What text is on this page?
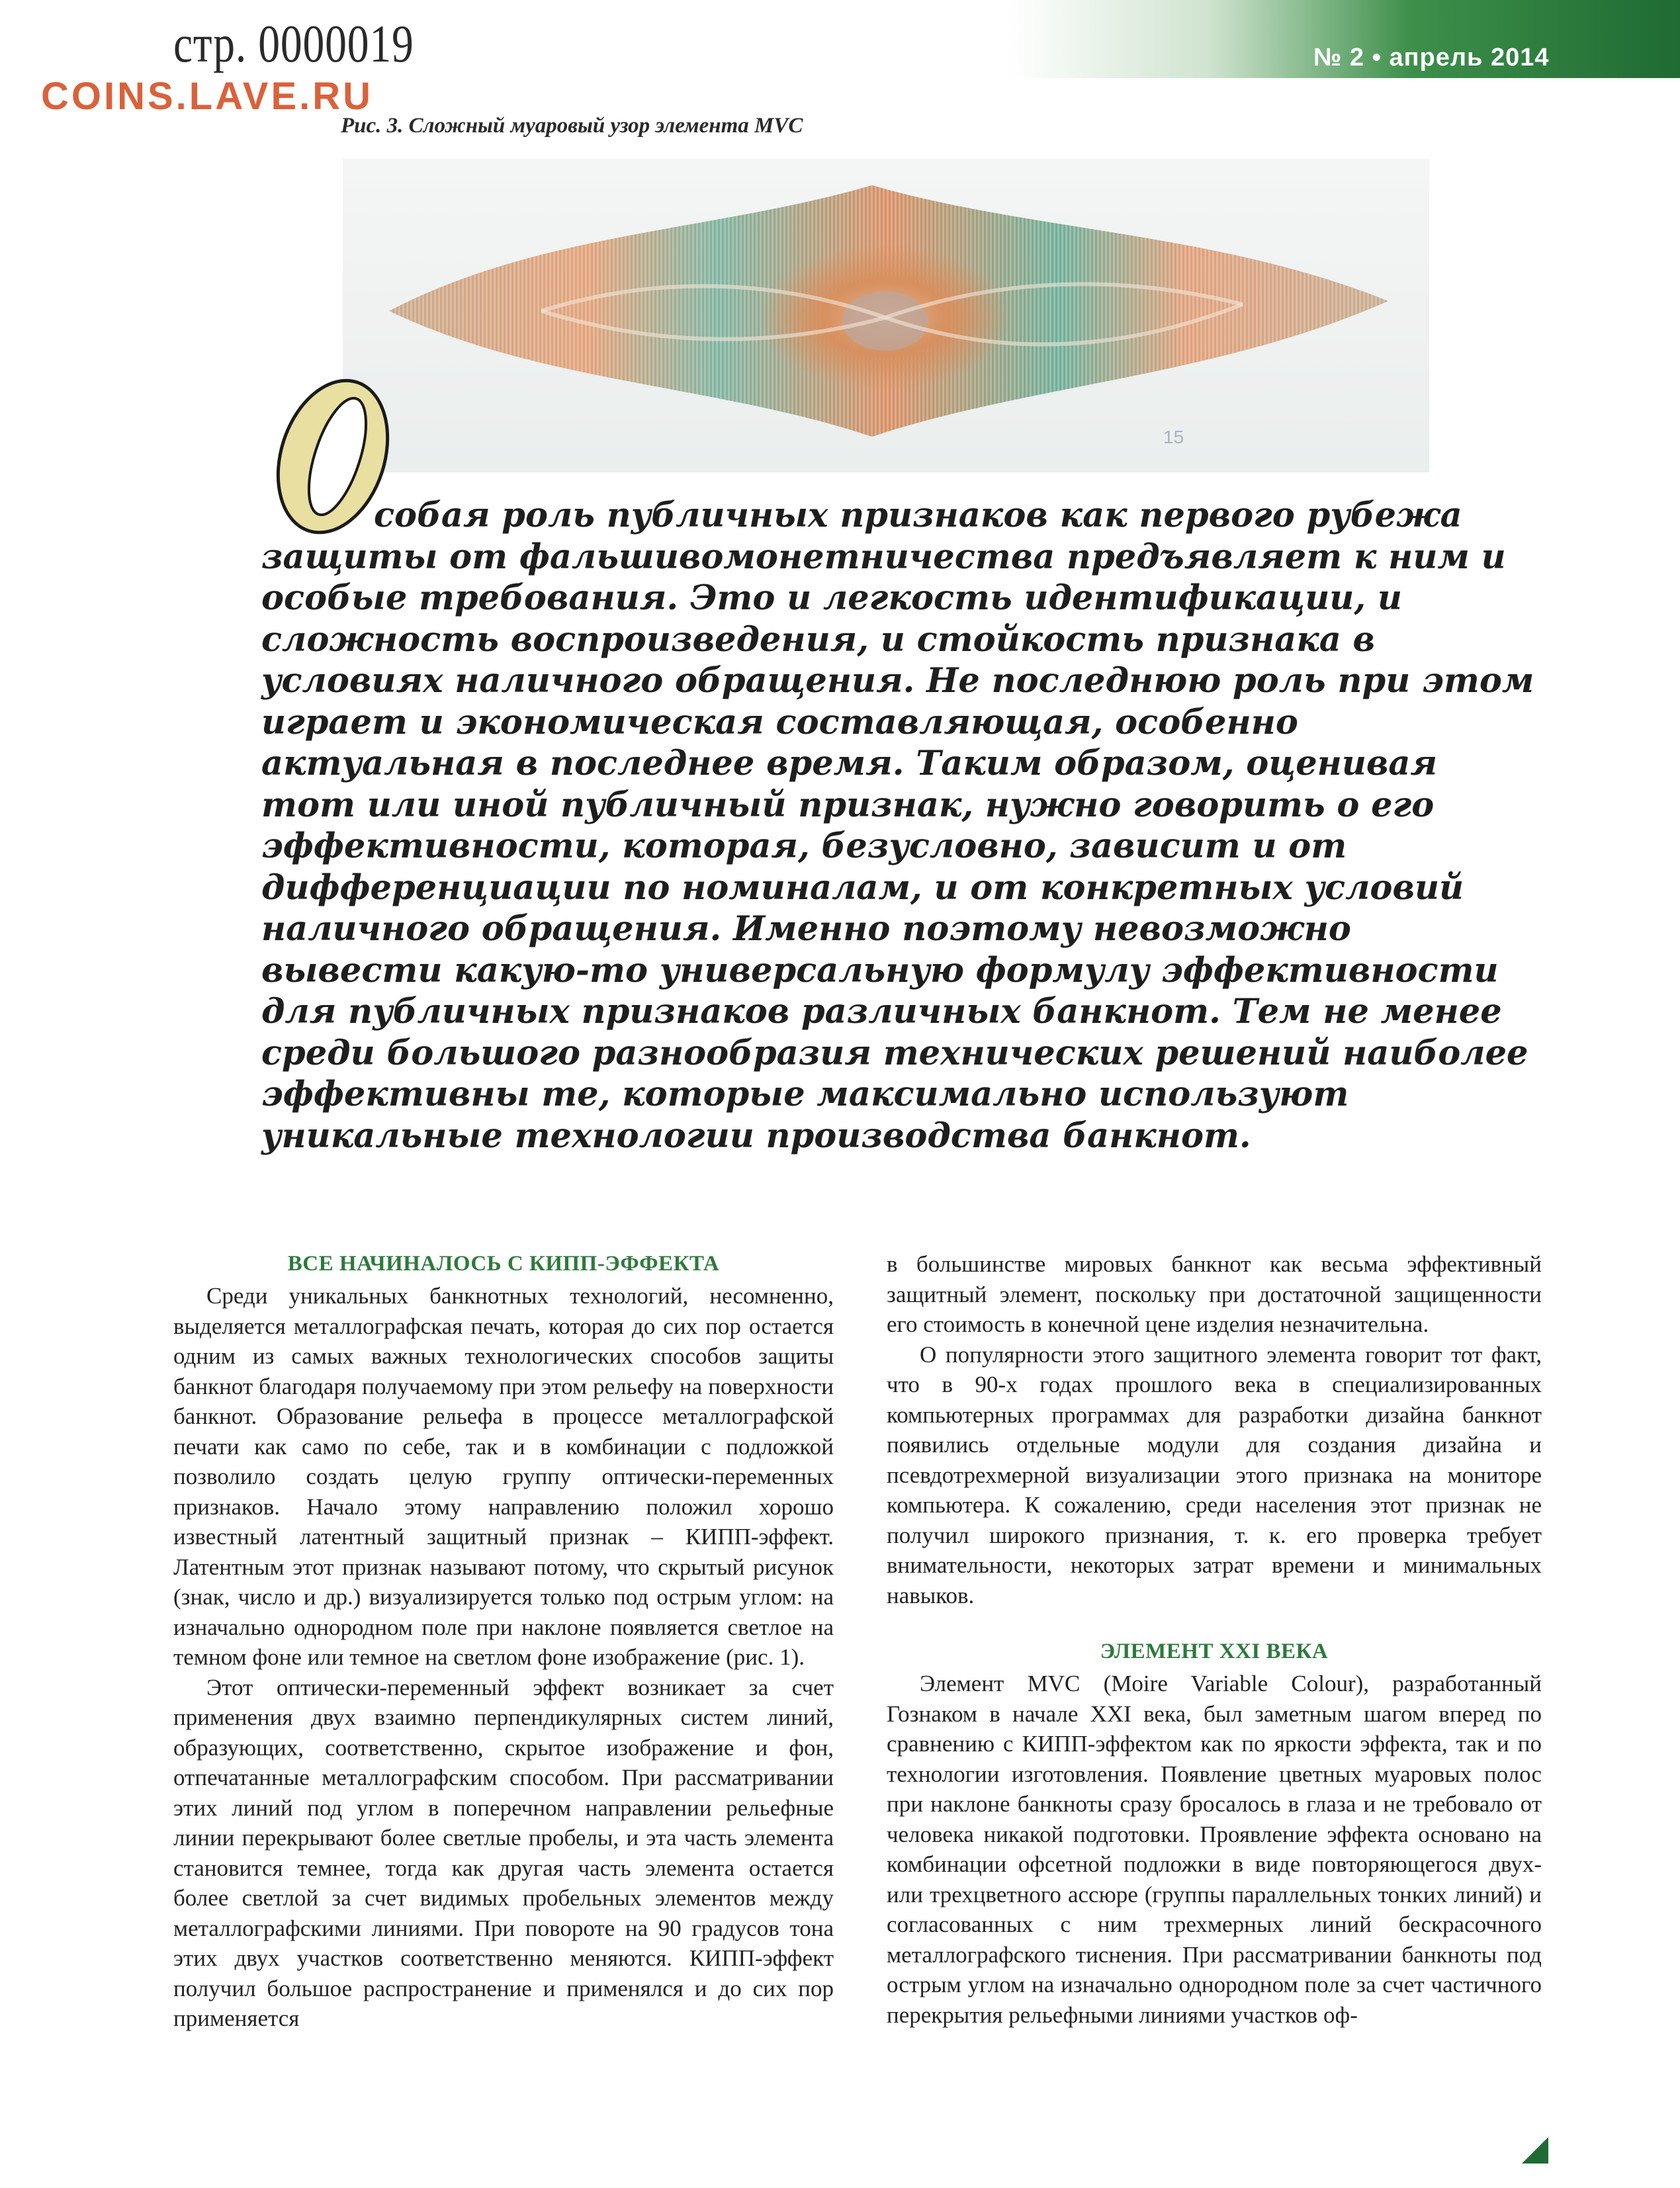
стр. 0000019
COINS.LAVE.RU
№ 2 • апрель 2014
Рис. 3. Сложный муаровый узор элемента MVC
15

собая роль публичных признаков как первого рубежа защиты от фальшивомонетничества предъявляет к ним и особые требования. Это и легкость идентификации, и сложность воспроизведения, и стойкость признака в условиях наличного обращения. Не последнюю роль при этом играет и экономическая составляющая, особенно актуальная в последнее время. Таким образом, оценивая тот или иной публичный признак, нужно говорить о его эффективности, которая, безусловно, зависит и от дифференциации по номиналам, и от конкретных условий наличного обращения. Именно поэтому невозможно вывести какую-то универсальную формулу эффективности для публичных признаков различных банкнот. Тем не менее среди большого разнообразия технических решений наиболее эффективны те, которые максимально используют уникальные технологии производства банкнот.

ВСЕ НАЧИНАЛОСЬ С КИПП-ЭФФЕКТА

Среди уникальных банкнотных технологий, несомненно, выделяется металлографская печать, которая до сих пор остается одним из самых важных технологических способов защиты банкнот благодаря получаемому при этом рельефу на поверхности банкнот. Образование рельефа в процессе металлографской печати как само по себе, так и в комбинации с подложкой позволило создать целую группу оптически-переменных признаков. Начало этому направлению положил хорошо известный латентный защитный признак – КИПП-эффект. Латентным этот признак называют потому, что скрытый рисунок (знак, число и др.) визуализируется только под острым углом: на изначально однородном поле при наклоне появляется светлое на темном фоне или темное на светлом фоне изображение (рис. 1).

Этот оптически-переменный эффект возникает за счет применения двух взаимно перпендикулярных систем линий, образующих, соответственно, скрытое изображение и фон, отпечатанные металлографским способом. При рассматривании этих линий под углом в поперечном направлении рельефные линии перекрывают более светлые пробелы, и эта часть элемента становится темнее, тогда как другая часть элемента остается более светлой за счет видимых пробельных элементов между металлографскими линиями. При повороте на 90 градусов тона этих двух участков соответственно меняются. КИПП-эффект получил большое распространение и применялся и до сих пор применяется

в большинстве мировых банкнот как весьма эффективный защитный элемент, поскольку при достаточной защищенности его стоимость в конечной цене изделия незначительна.

О популярности этого защитного элемента говорит тот факт, что в 90-х годах прошлого века в специализированных компьютерных программах для разработки дизайна банкнот появились отдельные модули для создания дизайна и псевдотрехмерной визуализации этого признака на мониторе компьютера. К сожалению, среди населения этот признак не получил широкого признания, т. к. его проверка требует внимательности, некоторых затрат времени и минимальных навыков.

ЭЛЕМЕНТ XXI ВЕКА

Элемент MVC (Moire Variable Colour), разработанный Гознаком в начале XXI века, был заметным шагом вперед по сравнению с КИПП-эффектом как по яркости эффекта, так и по технологии изготовления. Появление цветных муаровых полос при наклоне банкноты сразу бросалось в глаза и не требовало от человека никакой подготовки. Проявление эффекта основано на комбинации офсетной подложки в виде повторяющегося двух- или трехцветного ассюре (группы параллельных тонких линий) и согласованных с ним трехмерных линий бескрасочного металлографского тиснения. При рассматривании банкноты под острым углом на изначально однородном поле за счет частичного перекрытия рельефными линиями участков оф-
